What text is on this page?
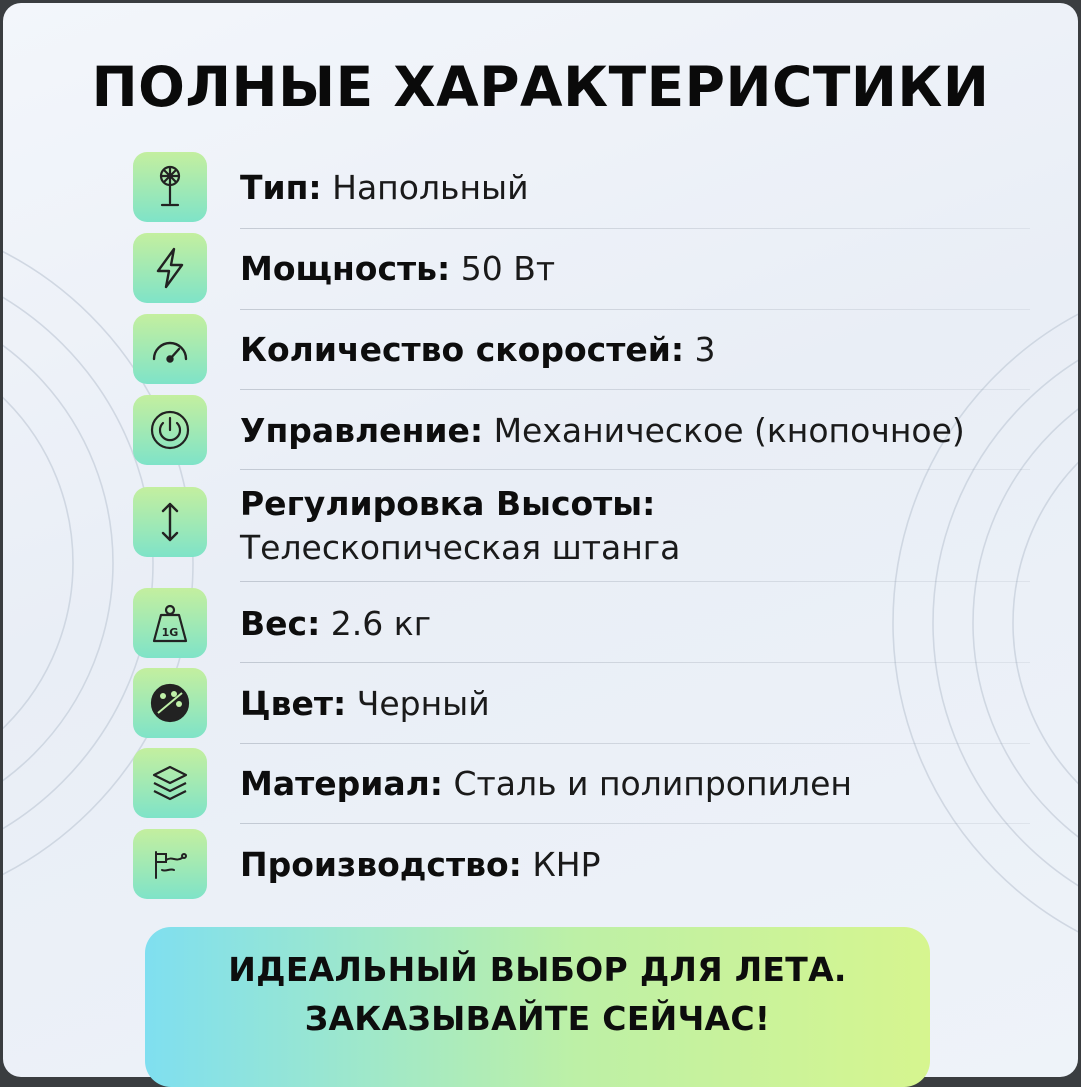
ПОЛНЫЕ ХАРАКТЕРИСТИКИ
Тип: Напольный
Мощность: 50 Вт
Количество скоростей: 3
Управление: Механическое (кнопочное)
Регулировка Высоты:
Телескопическая штанга
1G Вес: 2.6 кг
Цвет: Черный
Материал: Сталь и полипропилен
Производство: КНР
ИДЕАЛЬНЫЙ ВЫБОР ДЛЯ ЛЕТА.
ЗАКАЗЫВАЙТЕ СЕЙЧАС!
